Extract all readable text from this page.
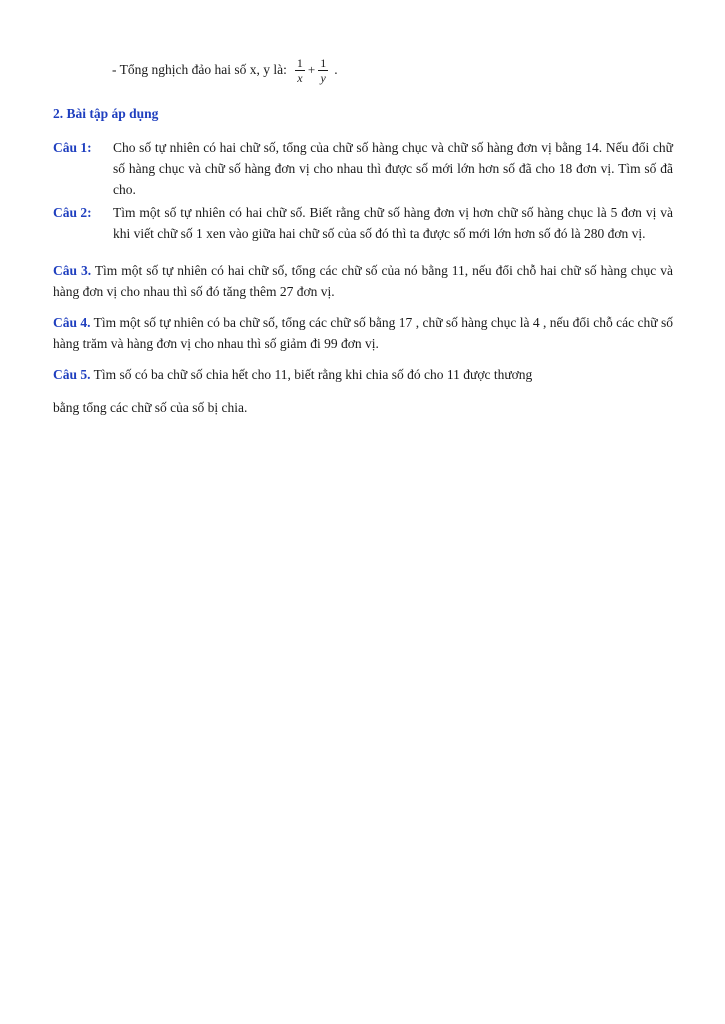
- Tổng nghịch đảo hai số x, y là: $\frac{1}{x} + \frac{1}{y}$ .
2. Bài tập áp dụng
Câu 1: Cho số tự nhiên có hai chữ số, tổng của chữ số hàng chục và chữ số hàng đơn vị bằng 14. Nếu đổi chữ số hàng chục và chữ số hàng đơn vị cho nhau thì được số mới lớn hơn số đã cho 18 đơn vị. Tìm số đã cho.
Câu 2: Tìm một số tự nhiên có hai chữ số. Biết rằng chữ số hàng đơn vị hơn chữ số hàng chục là 5 đơn vị và khi viết chữ số 1 xen vào giữa hai chữ số của số đó thì ta được số mới lớn hơn số đó là 280 đơn vị.
Câu 3. Tìm một số tự nhiên có hai chữ số, tổng các chữ số của nó bằng 11, nếu đổi chỗ hai chữ số hàng chục và hàng đơn vị cho nhau thì số đó tăng thêm 27 đơn vị.
Câu 4. Tìm một số tự nhiên có ba chữ số, tổng các chữ số bằng 17 , chữ số hàng chục là 4 , nếu đổi chỗ các chữ số hàng trăm và hàng đơn vị cho nhau thì số giảm đi 99 đơn vị.
Câu 5. Tìm số có ba chữ số chia hết cho 11, biết rằng khi chia số đó cho 11 được thương
bằng tổng các chữ số của số bị chia.
